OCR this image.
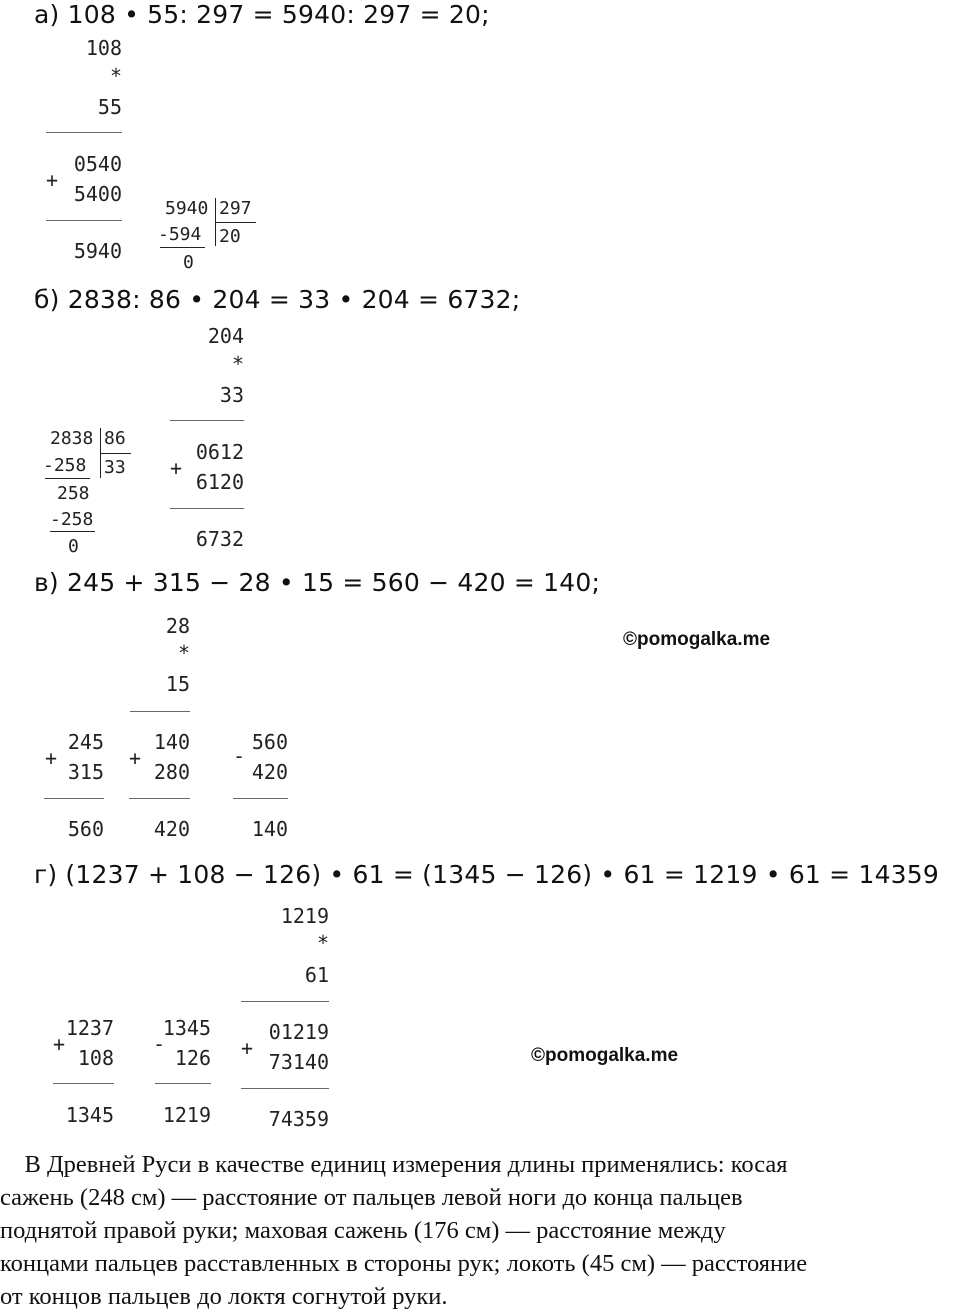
а) 108 • 55: 297 = 5940: 297 = 20;
108
*
55
0540
+
5400
5940
5940 297
-594 20
0
б) 2838: 86 • 204 = 33 • 204 = 6732;
204
*
33
0612
+
6120
6732
2838 86
-258 33
258
-258
0
в) 245 + 315 − 28 • 15 = 560 − 420 = 140;
28
*
15
+
245
315
560
+
140
280
420
-
560
420
140
©pomogalka.me
г) (1237 + 108 − 126) • 61 = (1345 − 126) • 61 = 1219 • 61 = 14359
1219
*
61
01219
+
73140
74359
+
1237
108
1345
-
1345
126
1219
©pomogalka.me
В Древней Руси в качестве единиц измерения длины применялись: косая
сажень (248 см) — расстояние от пальцев левой ноги до конца пальцев
поднятой правой руки; маховая сажень (176 см) — расстояние между
концами пальцев расставленных в стороны рук; локоть (45 см) — расстояние
от концов пальцев до локтя согнутой руки.
